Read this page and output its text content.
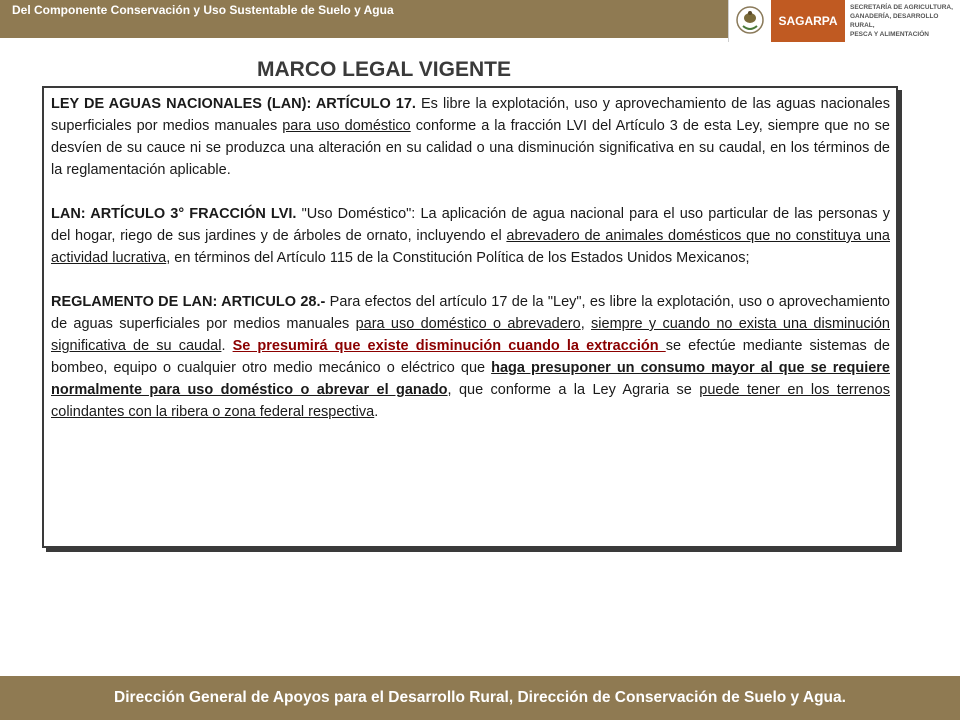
Del Componente Conservación y Uso Sustentable de Suelo y Agua
SAGARPA
SECRETARÍA DE AGRICULTURA,
GANADERÍA, DESARROLLO RURAL,
PESCA Y ALIMENTACIÓN
MARCO LEGAL VIGENTE

LEY DE AGUAS NACIONALES (LAN): ARTÍCULO 17. Es libre la explotación, uso y aprovechamiento de las aguas nacionales superficiales por medios manuales para uso doméstico conforme a la fracción LVI del Artículo 3 de esta Ley, siempre que no se desvíen de su cauce ni se produzca una alteración en su calidad o una disminución significativa en su caudal, en los términos de la reglamentación aplicable.

LAN: ARTÍCULO 3° FRACCIÓN LVI. "Uso Doméstico": La aplicación de agua nacional para el uso particular de las personas y del hogar, riego de sus jardines y de árboles de ornato, incluyendo el abrevadero de animales domésticos que no constituya una actividad lucrativa, en términos del Artículo 115 de la Constitución Política de los Estados Unidos Mexicanos;

REGLAMENTO DE LAN: ARTICULO 28.- Para efectos del artículo 17 de la "Ley", es libre la explotación, uso o aprovechamiento de aguas superficiales por medios manuales para uso doméstico o abrevadero, siempre y cuando no exista una disminución significativa de su caudal. Se presumirá que existe disminución cuando la extracción se efectúe mediante sistemas de bombeo, equipo o cualquier otro medio mecánico o eléctrico que haga presuponer un consumo mayor al que se requiere normalmente para uso doméstico o abrevar el ganado, que conforme a la Ley Agraria se puede tener en los terrenos colindantes con la ribera o zona federal respectiva.

Dirección General de Apoyos para el Desarrollo Rural, Dirección de Conservación de Suelo y Agua.
